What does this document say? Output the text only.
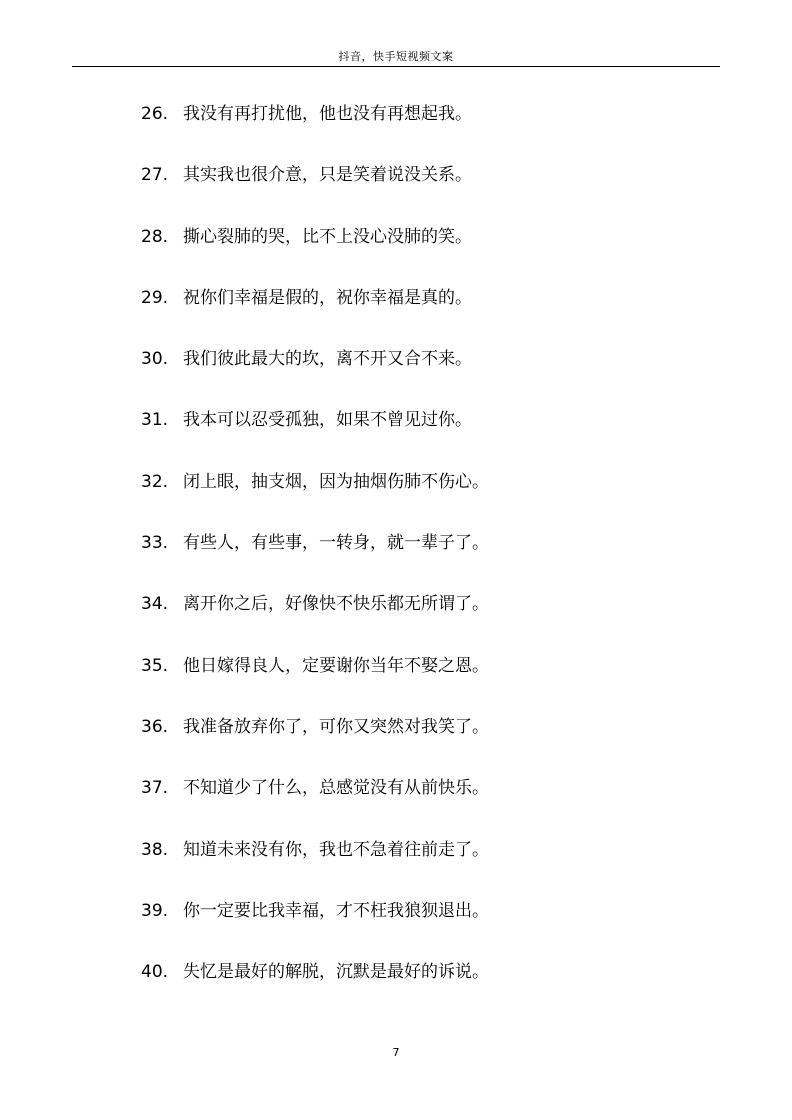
抖音，快手短视频文案
26. 我没有再打扰他，他也没有再想起我。
27. 其实我也很介意，只是笑着说没关系。
28. 撕心裂肺的哭，比不上没心没肺的笑。
29. 祝你们幸福是假的，祝你幸福是真的。
30. 我们彼此最大的坎，离不开又合不来。
31. 我本可以忍受孤独，如果不曾见过你。
32. 闭上眼，抽支烟，因为抽烟伤肺不伤心。
33. 有些人，有些事，一转身，就一辈子了。
34. 离开你之后，好像快不快乐都无所谓了。
35. 他日嫁得良人，定要谢你当年不娶之恩。
36. 我准备放弃你了，可你又突然对我笑了。
37. 不知道少了什么，总感觉没有从前快乐。
38. 知道未来没有你，我也不急着往前走了。
39. 你一定要比我幸福，才不枉我狼狈退出。
40. 失忆是最好的解脱，沉默是最好的诉说。
7
